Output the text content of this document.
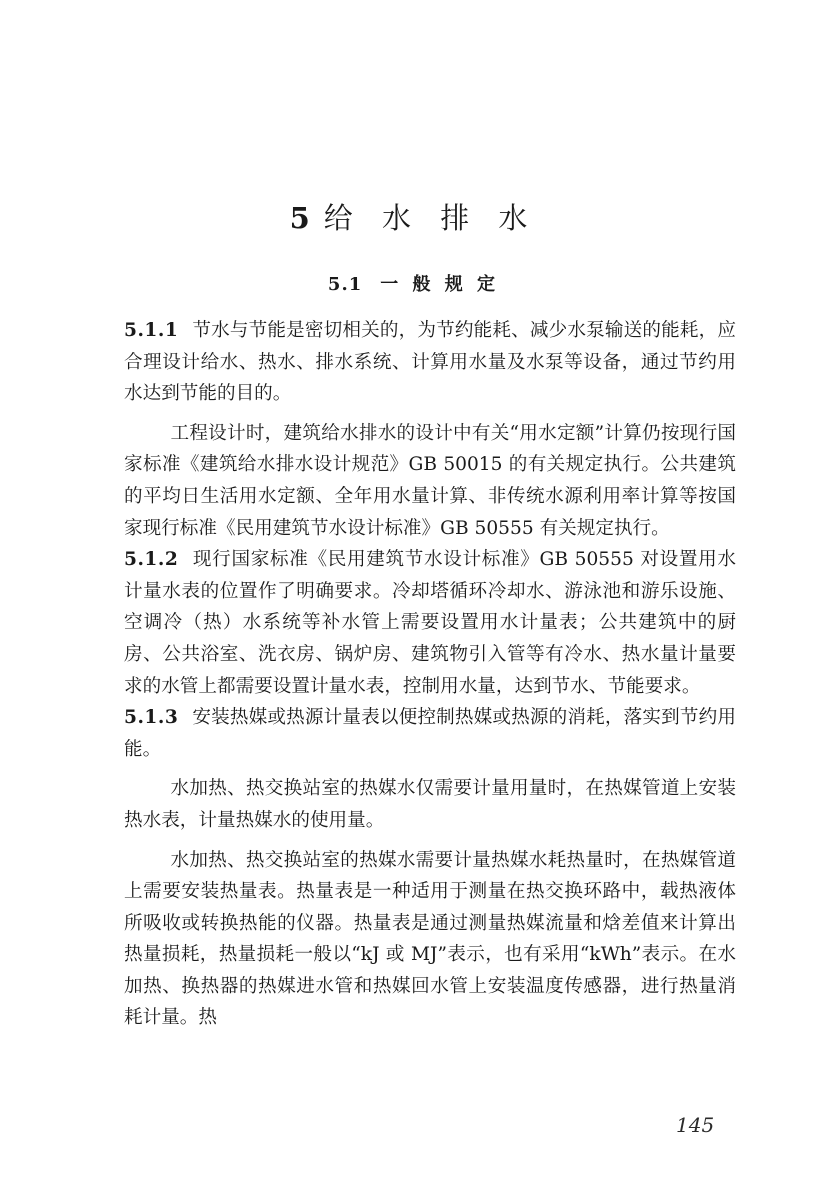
5 给 水 排 水
5.1 一 般 规 定

5.1.1 节水与节能是密切相关的，为节约能耗、减少水泵输送的能耗，应合理设计给水、热水、排水系统、计算用水量及水泵等设备，通过节约用水达到节能的目的。

工程设计时，建筑给水排水的设计中有关“用水定额”计算仍按现行国家标准《建筑给水排水设计规范》GB 50015 的有关规定执行。公共建筑的平均日生活用水定额、全年用水量计算、非传统水源利用率计算等按国家现行标准《民用建筑节水设计标准》GB 50555 有关规定执行。

5.1.2 现行国家标准《民用建筑节水设计标准》GB 50555 对设置用水计量水表的位置作了明确要求。冷却塔循环冷却水、游泳池和游乐设施、空调冷（热）水系统等补水管上需要设置用水计量表；公共建筑中的厨房、公共浴室、洗衣房、锅炉房、建筑物引入管等有冷水、热水量计量要求的水管上都需要设置计量水表，控制用水量，达到节水、节能要求。

5.1.3 安装热媒或热源计量表以便控制热媒或热源的消耗，落实到节约用能。

水加热、热交换站室的热媒水仅需要计量用量时，在热媒管道上安装热水表，计量热媒水的使用量。

水加热、热交换站室的热媒水需要计量热媒水耗热量时，在热媒管道上需要安装热量表。热量表是一种适用于测量在热交换环路中，载热液体所吸收或转换热能的仪器。热量表是通过测量热媒流量和焓差值来计算出热量损耗，热量损耗一般以“kJ 或 MJ”表示，也有采用“kWh”表示。在水加热、换热器的热媒进水管和热媒回水管上安装温度传感器，进行热量消耗计量。热

145
